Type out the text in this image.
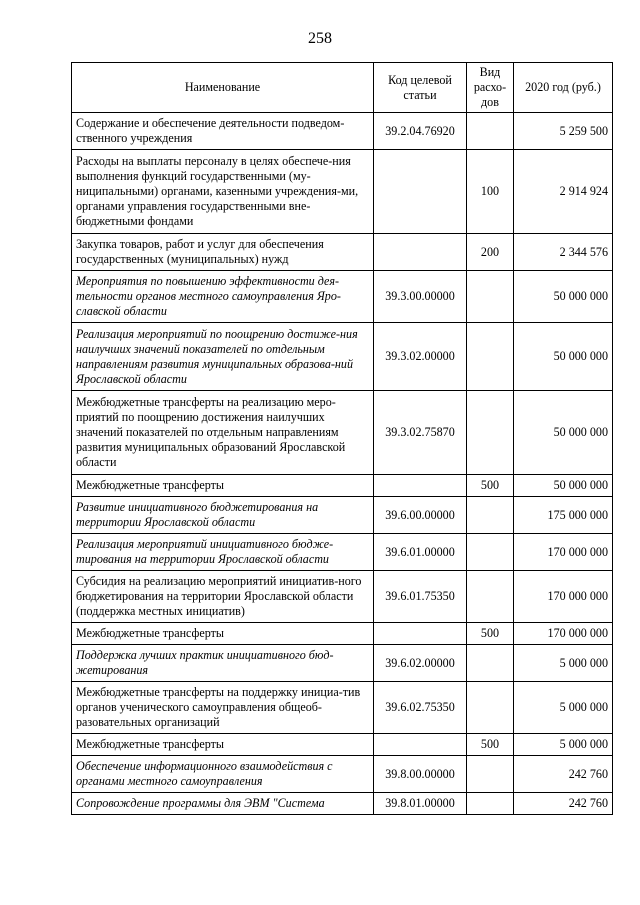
258
Наименование	Код целевой статьи	Вид расхо-дов	2020 год (руб.)
Содержание и обеспечение деятельности подведом-ственного учреждения	39.2.04.76920		5 259 500
Расходы на выплаты персоналу в целях обеспече-ния выполнения функций государственными (му-ниципальными) органами, казенными учреждения-ми, органами управления государственными вне-бюджетными фондами		100	2 914 924
Закупка товаров, работ и услуг для обеспечения государственных (муниципальных) нужд		200	2 344 576
Мероприятия по повышению эффективности дея-тельности органов местного самоуправления Яро-славской области	39.3.00.00000		50 000 000
Реализация мероприятий по поощрению достиже-ния наилучших значений показателей по отдельным направлениям развития муниципальных образова-ний Ярославской области	39.3.02.00000		50 000 000
Межбюджетные трансферты на реализацию меро-приятий по поощрению достижения наилучших значений показателей по отдельным направлениям развития муниципальных образований Ярославской области	39.3.02.75870		50 000 000
Межбюджетные трансферты		500	50 000 000
Развитие инициативного бюджетирования на территории Ярославской области	39.6.00.00000		175 000 000
Реализация мероприятий инициативного бюдже-тирования на территории Ярославской области	39.6.01.00000		170 000 000
Субсидия на реализацию мероприятий инициатив-ного бюджетирования на территории Ярославской области (поддержка местных инициатив)	39.6.01.75350		170 000 000
Межбюджетные трансферты		500	170 000 000
Поддержка лучших практик инициативного бюд-жетирования	39.6.02.00000		5 000 000
Межбюджетные трансферты на поддержку инициа-тив органов ученического самоуправления общеоб-разовательных организаций	39.6.02.75350		5 000 000
Межбюджетные трансферты		500	5 000 000
Обеспечение информационного взаимодействия с органами местного самоуправления	39.8.00.00000		242 760
Сопровождение программы для ЭВМ "Система	39.8.01.00000		242 760
